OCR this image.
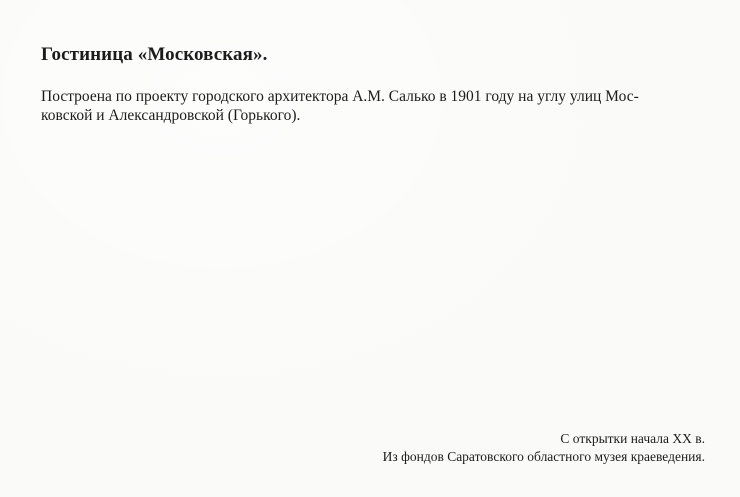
Гостиница «Московская».
Построена по проекту городского архитектора А.М. Салько в 1901 году на углу улиц Мос-
ковской и Александровской (Горького).
С открытки начала XX в.
Из фондов Саратовского областного музея краеведения.
